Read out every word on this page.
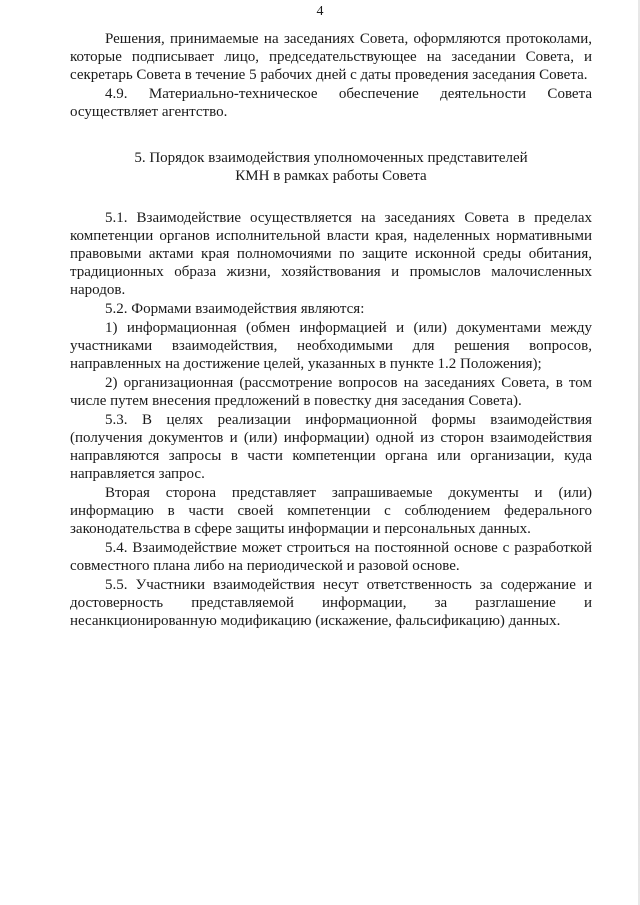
4

Решения, принимаемые на заседаниях Совета, оформляются протоколами, которые подписывает лицо, председательствующее на заседании Совета, и секретарь Совета в течение 5 рабочих дней с даты проведения заседания Совета.

4.9. Материально-техническое обеспечение деятельности Совета осуществляет агентство.

5. Порядок взаимодействия уполномоченных представителей
КМН в рамках работы Совета

5.1. Взаимодействие осуществляется на заседаниях Совета в пределах компетенции органов исполнительной власти края, наделенных нормативными правовыми актами края полномочиями по защите исконной среды обитания, традиционных образа жизни, хозяйствования и промыслов малочисленных народов.

5.2. Формами взаимодействия являются:

1) информационная (обмен информацией и (или) документами между участниками взаимодействия, необходимыми для решения вопросов, направленных на достижение целей, указанных в пункте 1.2 Положения);

2) организационная (рассмотрение вопросов на заседаниях Совета, в том числе путем внесения предложений в повестку дня заседания Совета).

5.3. В целях реализации информационной формы взаимодействия (получения документов и (или) информации) одной из сторон взаимодействия направляются запросы в части компетенции органа или организации, куда направляется запрос.

Вторая сторона представляет запрашиваемые документы и (или) информацию в части своей компетенции с соблюдением федерального законодательства в сфере защиты информации и персональных данных.

5.4. Взаимодействие может строиться на постоянной основе с разработкой совместного плана либо на периодической и разовой основе.

5.5. Участники взаимодействия несут ответственность за содержание и достоверность представляемой информации, за разглашение и несанкционированную модификацию (искажение, фальсификацию) данных.
